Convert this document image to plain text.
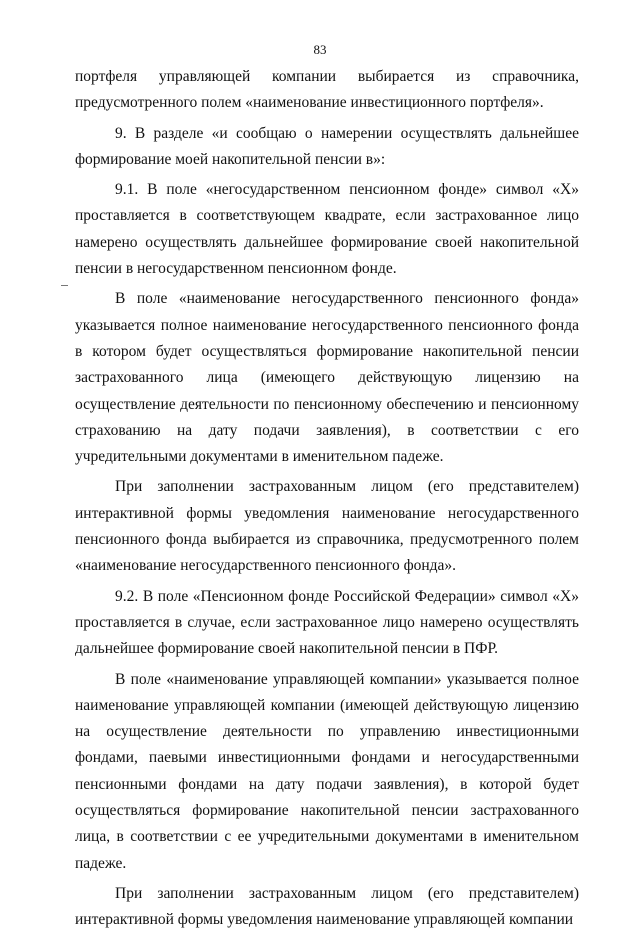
83

портфеля управляющей компании выбирается из справочника, предусмотренного полем «наименование инвестиционного портфеля».

9. В разделе «и сообщаю о намерении осуществлять дальнейшее формирование моей накопительной пенсии в»:

9.1. В поле «негосударственном пенсионном фонде» символ «Х» проставляется в соответствующем квадрате, если застрахованное лицо намерено осуществлять дальнейшее формирование своей накопительной пенсии в негосударственном пенсионном фонде.

В поле «наименование негосударственного пенсионного фонда» указывается полное наименование негосударственного пенсионного фонда в котором будет осуществляться формирование накопительной пенсии застрахованного лица (имеющего действующую лицензию на осуществление деятельности по пенсионному обеспечению и пенсионному страхованию на дату подачи заявления), в соответствии с его учредительными документами в именительном падеже.

При заполнении застрахованным лицом (его представителем) интерактивной формы уведомления наименование негосударственного пенсионного фонда выбирается из справочника, предусмотренного полем «наименование негосударственного пенсионного фонда».

9.2. В поле «Пенсионном фонде Российской Федерации» символ «Х» проставляется в случае, если застрахованное лицо намерено осуществлять дальнейшее формирование своей накопительной пенсии в ПФР.

В поле «наименование управляющей компании» указывается полное наименование управляющей компании (имеющей действующую лицензию на осуществление деятельности по управлению инвестиционными фондами, паевыми инвестиционными фондами и негосударственными пенсионными фондами на дату подачи заявления), в которой будет осуществляться формирование накопительной пенсии застрахованного лица, в соответствии с ее учредительными документами в именительном падеже.

При заполнении застрахованным лицом (его представителем) интерактивной формы уведомления наименование управляющей компании
